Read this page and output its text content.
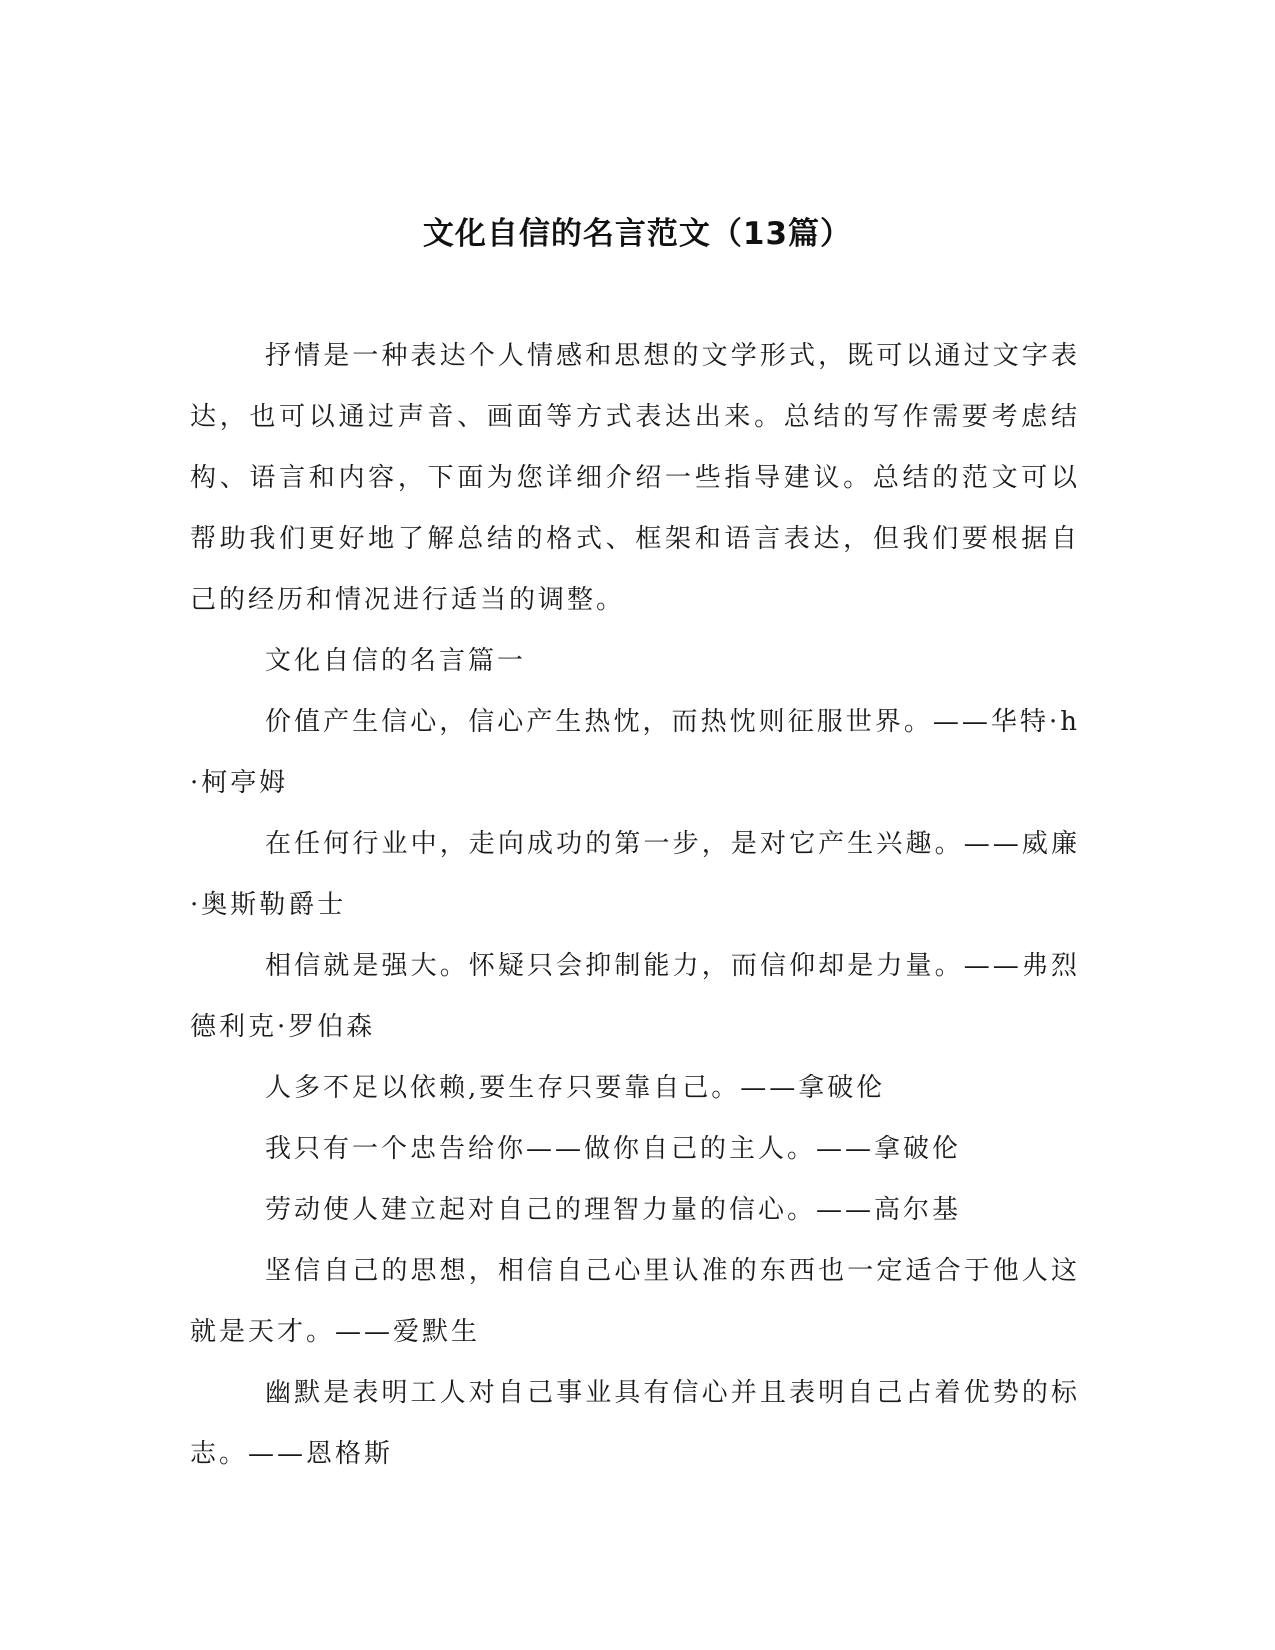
文化自信的名言范文（13篇）

抒情是一种表达个人情感和思想的文学形式，既可以通过文字表达，也可以通过声音、画面等方式表达出来。总结的写作需要考虑结构、语言和内容，下面为您详细介绍一些指导建议。总结的范文可以帮助我们更好地了解总结的格式、框架和语言表达，但我们要根据自己的经历和情况进行适当的调整。

文化自信的名言篇一

价值产生信心，信心产生热忱，而热忱则征服世界。——华特·h·柯亭姆

在任何行业中，走向成功的第一步，是对它产生兴趣。——威廉·奥斯勒爵士

相信就是强大。怀疑只会抑制能力，而信仰却是力量。——弗烈德利克·罗伯森

人多不足以依赖,要生存只要靠自己。——拿破伦

我只有一个忠告给你——做你自己的主人。——拿破伦

劳动使人建立起对自己的理智力量的信心。——高尔基

坚信自己的思想，相信自己心里认准的东西也一定适合于他人这就是天才。——爱默生

幽默是表明工人对自己事业具有信心并且表明自己占着优势的标志。——恩格斯
